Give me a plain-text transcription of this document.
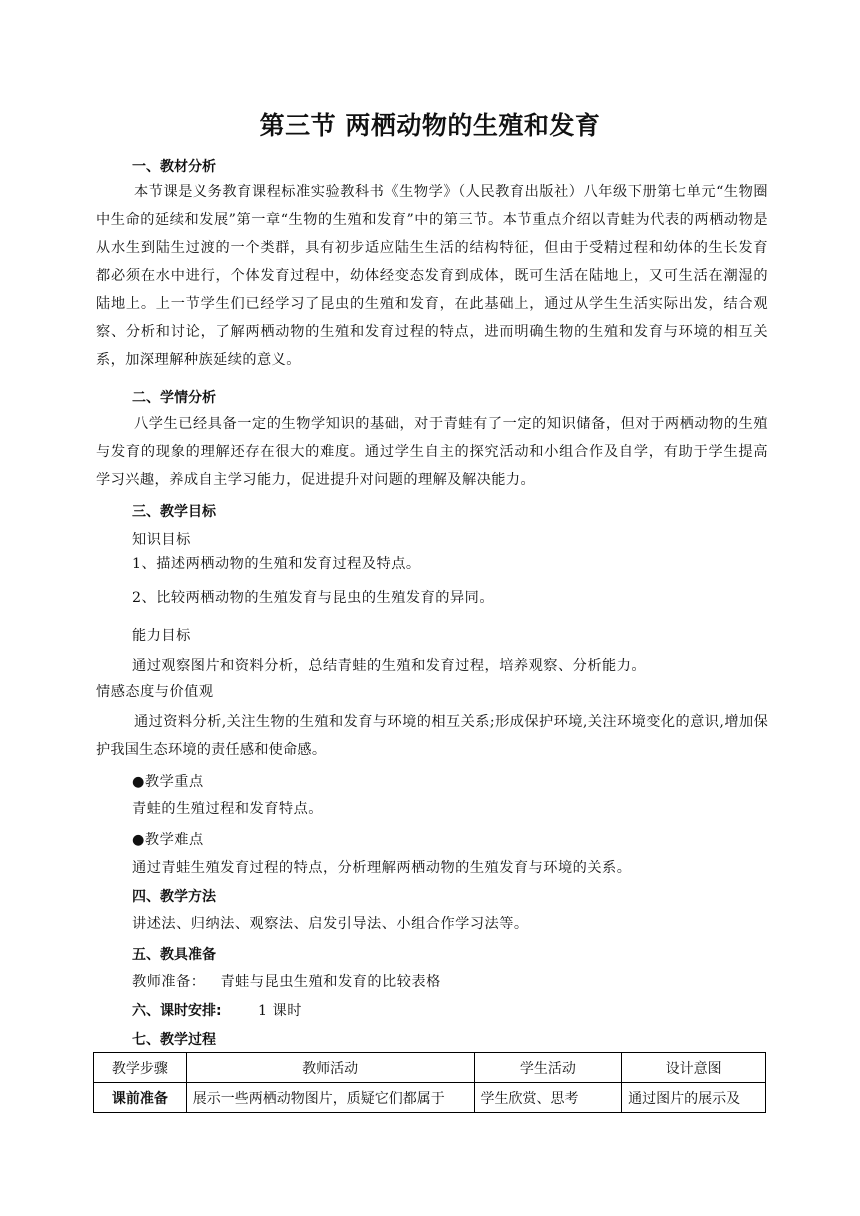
第三节 两栖动物的生殖和发育
一、教材分析
本节课是义务教育课程标准实验教科书《生物学》（人民教育出版社）八年级下册第七单元“生物圈中生命的延续和发展”第一章“生物的生殖和发育”中的第三节。本节重点介绍以青蛙为代表的两栖动物是从水生到陆生过渡的一个类群，具有初步适应陆生生活的结构特征，但由于受精过程和幼体的生长发育都必须在水中进行，个体发育过程中，幼体经变态发育到成体，既可生活在陆地上，又可生活在潮湿的陆地上。上一节学生们已经学习了昆虫的生殖和发育，在此基础上，通过从学生生活实际出发，结合观察、分析和讨论，了解两栖动物的生殖和发育过程的特点，进而明确生物的生殖和发育与环境的相互关系，加深理解种族延续的意义。
二、学情分析
八学生已经具备一定的生物学知识的基础，对于青蛙有了一定的知识储备，但对于两栖动物的生殖与发育的现象的理解还存在很大的难度。通过学生自主的探究活动和小组合作及自学，有助于学生提高学习兴趣，养成自主学习能力，促进提升对问题的理解及解决能力。
三、教学目标
知识目标
1、描述两栖动物的生殖和发育过程及特点。
2、比较两栖动物的生殖发育与昆虫的生殖发育的异同。
能力目标
通过观察图片和资料分析，总结青蛙的生殖和发育过程，培养观察、分析能力。
情感态度与价值观
通过资料分析,关注生物的生殖和发育与环境的相互关系;形成保护环境,关注环境变化的意识,增加保护我国生态环境的责任感和使命感。
●教学重点
青蛙的生殖过程和发育特点。
●教学难点
通过青蛙生殖发育过程的特点，分析理解两栖动物的生殖发育与环境的关系。
四、教学方法
讲述法、归纳法、观察法、启发引导法、小组合作学习法等。
五、教具准备
教师准备：   青蛙与昆虫生殖和发育的比较表格
六、课时安排:	1 课时
七、教学过程
教学步骤	教师活动	学生活动	设计意图
课前准备	展示一些两栖动物图片，质疑它们都属于	学生欣赏、思考	通过图片的展示及
